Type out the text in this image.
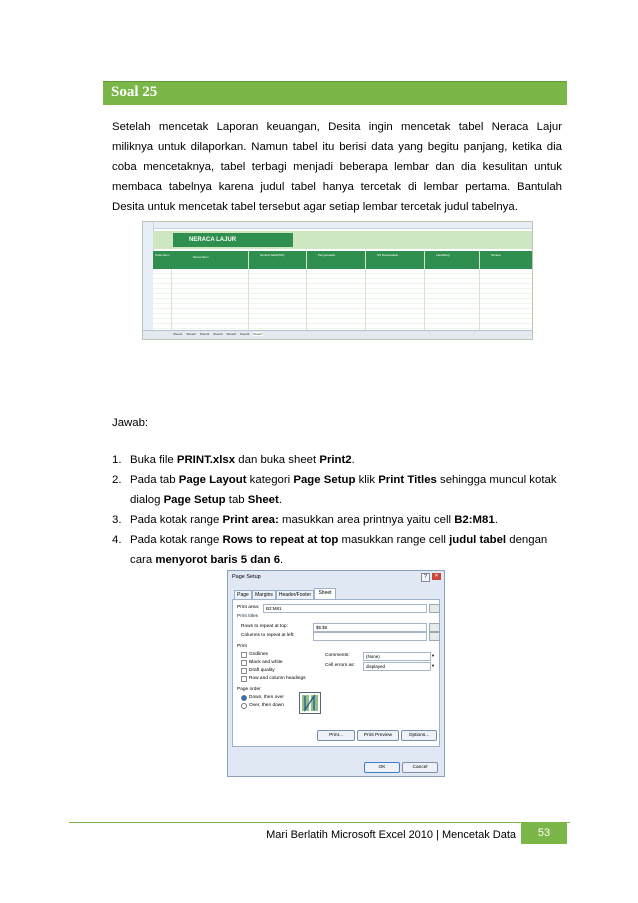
Soal 25
Setelah mencetak Laporan keuangan, Desita ingin mencetak tabel Neraca Lajur
miliknya untuk dilaporkan. Namun tabel itu berisi data yang begitu panjang, ketika dia
coba mencetaknya, tabel terbagi menjadi beberapa lembar dan dia kesulitan untuk
membaca tabelnya karena judul tabel hanya tercetak di lembar pertama. Bantulah
Desita untuk mencetak tabel tersebut agar setiap lembar tercetak judul tabelnya.
NERACA LAJUR
Kode Akun	Nama Akun	Neraca Saldo(NS)	Penyesuaian	NS Disesuaikan	Laba/Rugi	Neraca
Sheet1 Sheet2 Sheet3 Sheet4 Sheet5 Sheet6 Sheet7
Jawab:
1. Buka file PRINT.xlsx dan buka sheet Print2.
2. Pada tab Page Layout kategori Page Setup klik Print Titles sehingga muncul kotak
dialog Page Setup tab Sheet.
3. Pada kotak range Print area: masukkan area printnya yaitu cell B2:M81.
4. Pada kotak range Rows to repeat at top masukkan range cell judul tabel dengan
cara menyorot baris 5 dan 6.
Page Setup	?	✕
Page	Margins	Header/Footer	Sheet
Print area:	B2:M81
Print titles
Rows to repeat at top:	$5:$6
Columns to repeat at left:
Print
Gridlines
Black and white
Draft quality
Row and column headings
Comments:	(None)	▼
Cell errors as:	displayed	▼
Page order
Down, then over
Over, then down
Print...	Print Preview	Options...
OK	Cancel
Mari Berlatih Microsoft Excel 2010 | Mencetak Data	53
